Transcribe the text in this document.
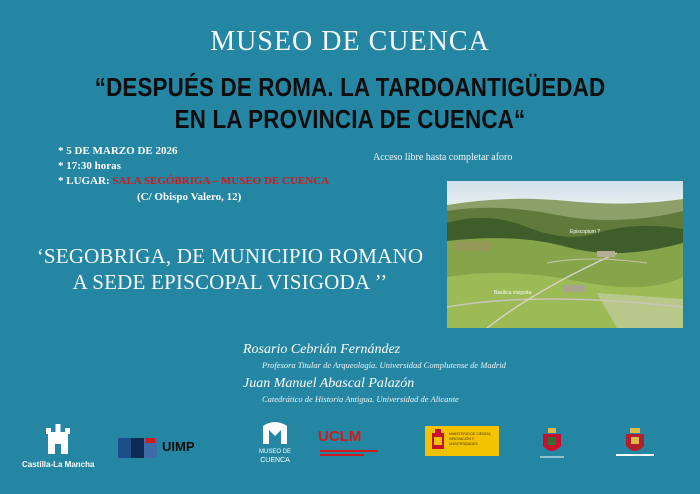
MUSEO DE CUENCA
“DESPUÉS DE ROMA. LA TARDOANTIGÜEDAD
EN LA PROVINCIA DE CUENCA“
* 5 DE MARZO DE 2026
* 17:30 horas
* LUGAR: SALA SEGÓBRIGA – MUSEO DE CUENCA
(C/ Obispo Valero, 12)
Acceso libre hasta completar aforo
Episcopium ?
Basílica visigoda
‘SEGOBRIGA, DE MUNICIPIO ROMANO
A SEDE EPISCOPAL VISIGODA ’’
Rosario Cebrián Fernández
Profesora Titular de Arqueología. Universidad Complutense de Madrid
Juan Manuel Abascal Palazón
Catedrático de Historia Antigua. Universidad de Alicante
Castilla-La Mancha
UIMP	MUSEO DE
CUENCA
UCLM	MINISTERIO DE CIENCIA, INNOVACIÓN Y UNIVERSIDADES
